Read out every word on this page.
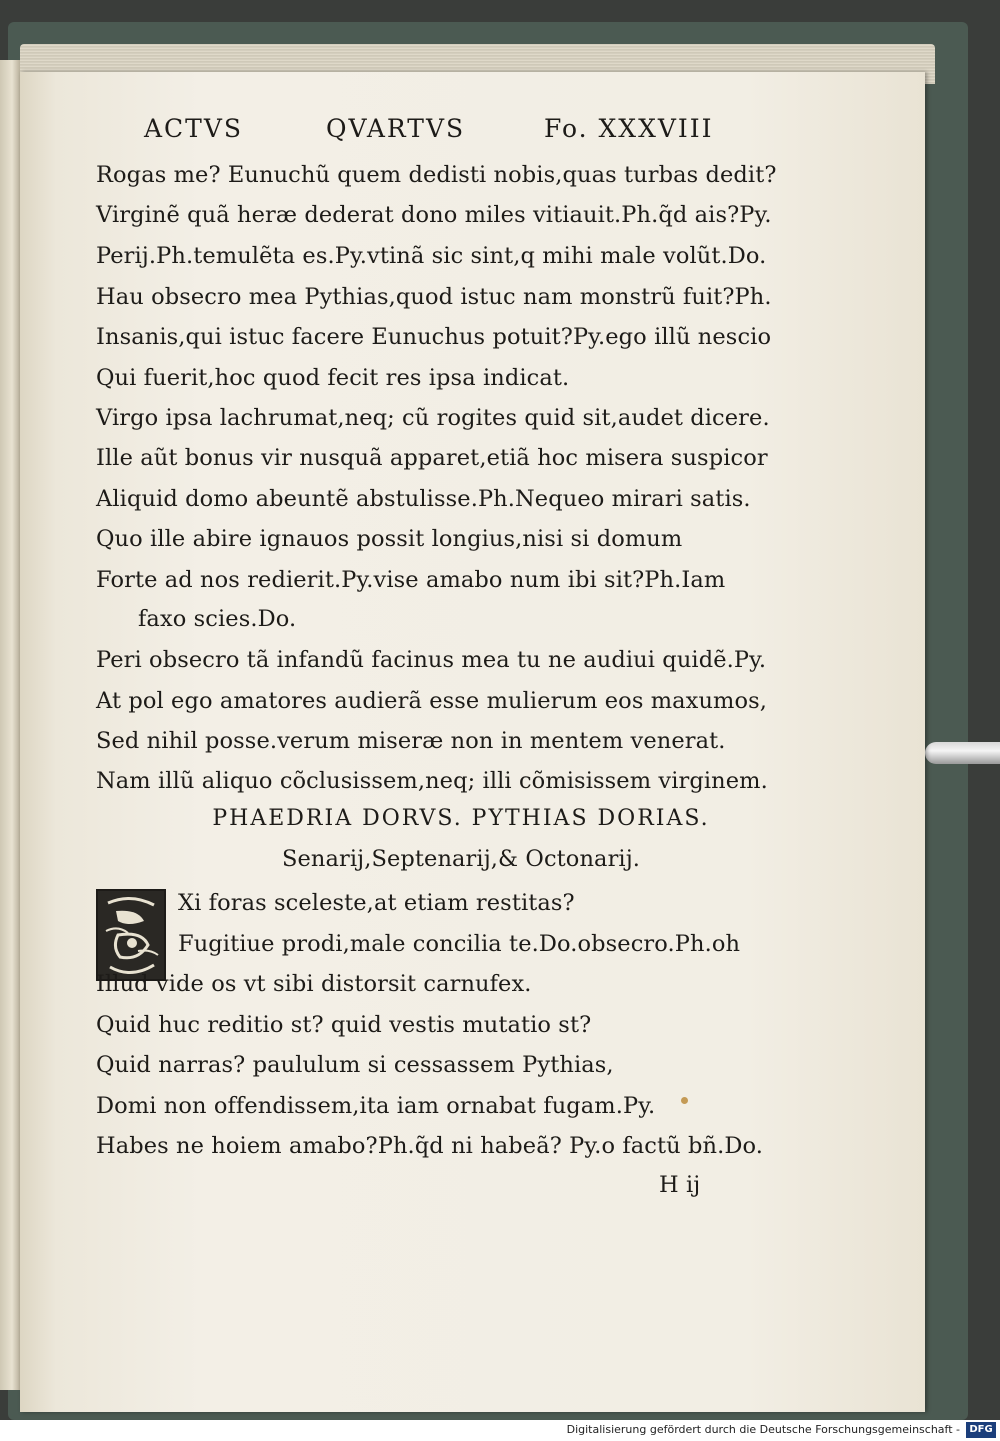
ACTVS	QVARTVS	Fo. XXXVIII
Rogas me? Eunuchũ quem dedisti nobis,quas turbas dedit?
Virginẽ quã heræ dederat dono miles vitiauit.Ph.q̃d ais?Py.
Perij.Ph.temulẽta es.Py.vtinã sic sint,q mihi male volũt.Do.
Hau obsecro mea Pythias,quod istuc nam monstrũ fuit?Ph.
Insanis,qui istuc facere Eunuchus potuit?Py.ego illũ nescio
Qui fuerit,hoc quod fecit res ipsa indicat.
Virgo ipsa lachrumat,neq; cũ rogites quid sit,audet dicere.
Ille aũt bonus vir nusquã apparet,etiã hoc misera suspicor
Aliquid domo abeuntẽ abstulisse.Ph.Nequeo mirari satis.
Quo ille abire ignauos possit longius,nisi si domum
Forte ad nos redierit.Py.vise amabo num ibi sit?Ph.Iam
faxo scies.Do.
Peri obsecro tã infandũ facinus mea tu ne audiui quidẽ.Py.
At pol ego amatores audierã esse mulierum eos maxumos,
Sed nihil posse.verum miseræ non in mentem venerat.
Nam illũ aliquo cõclusissem,neq; illi cõmisissem virginem.
PHAEDRIA DORVS. PYTHIAS DORIAS.
Senarij,Septenarij,& Octonarij.
Xi foras sceleste,at etiam restitas?
Fugitiue prodi,male concilia te.Do.obsecro.Ph.oh
Illud vide os vt sibi distorsit carnufex.
Quid huc reditio st? quid vestis mutatio st?
Quid narras? paululum si cessassem Pythias,
Domi non offendissem,ita iam ornabat fugam.Py.
Habes ne hoiem amabo?Ph.q̃d ni habeã? Py.o factũ bñ.Do.
H ij
Digitalisierung gefördert durch die Deutsche Forschungsgemeinschaft - DFG
